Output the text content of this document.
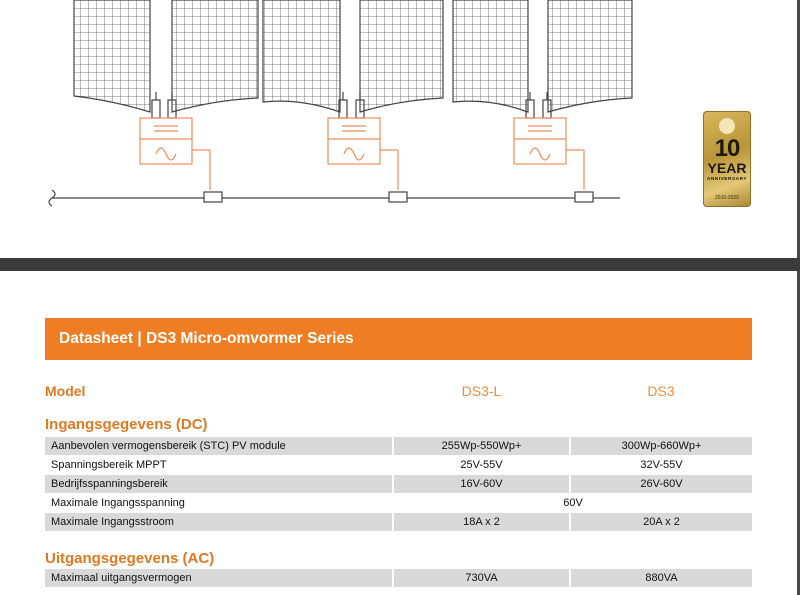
10
YEAR
ANNIVERSARY
2010-2020
Datasheet | DS3 Micro-omvormer Series
Model	DS3-L	DS3
Ingangsgegevens (DC)
Aanbevolen vermogensbereik (STC) PV module	255Wp-550Wp+	300Wp-660Wp+
Spanningsbereik MPPT	25V-55V	32V-55V
Bedrijfsspanningsbereik	16V-60V	26V-60V
Maximale Ingangsspanning	60V
Maximale Ingangsstroom	18A x 2	20A x 2
Uitgangsgegevens (AC)
Maximaal uitgangsvermogen	730VA	880VA
